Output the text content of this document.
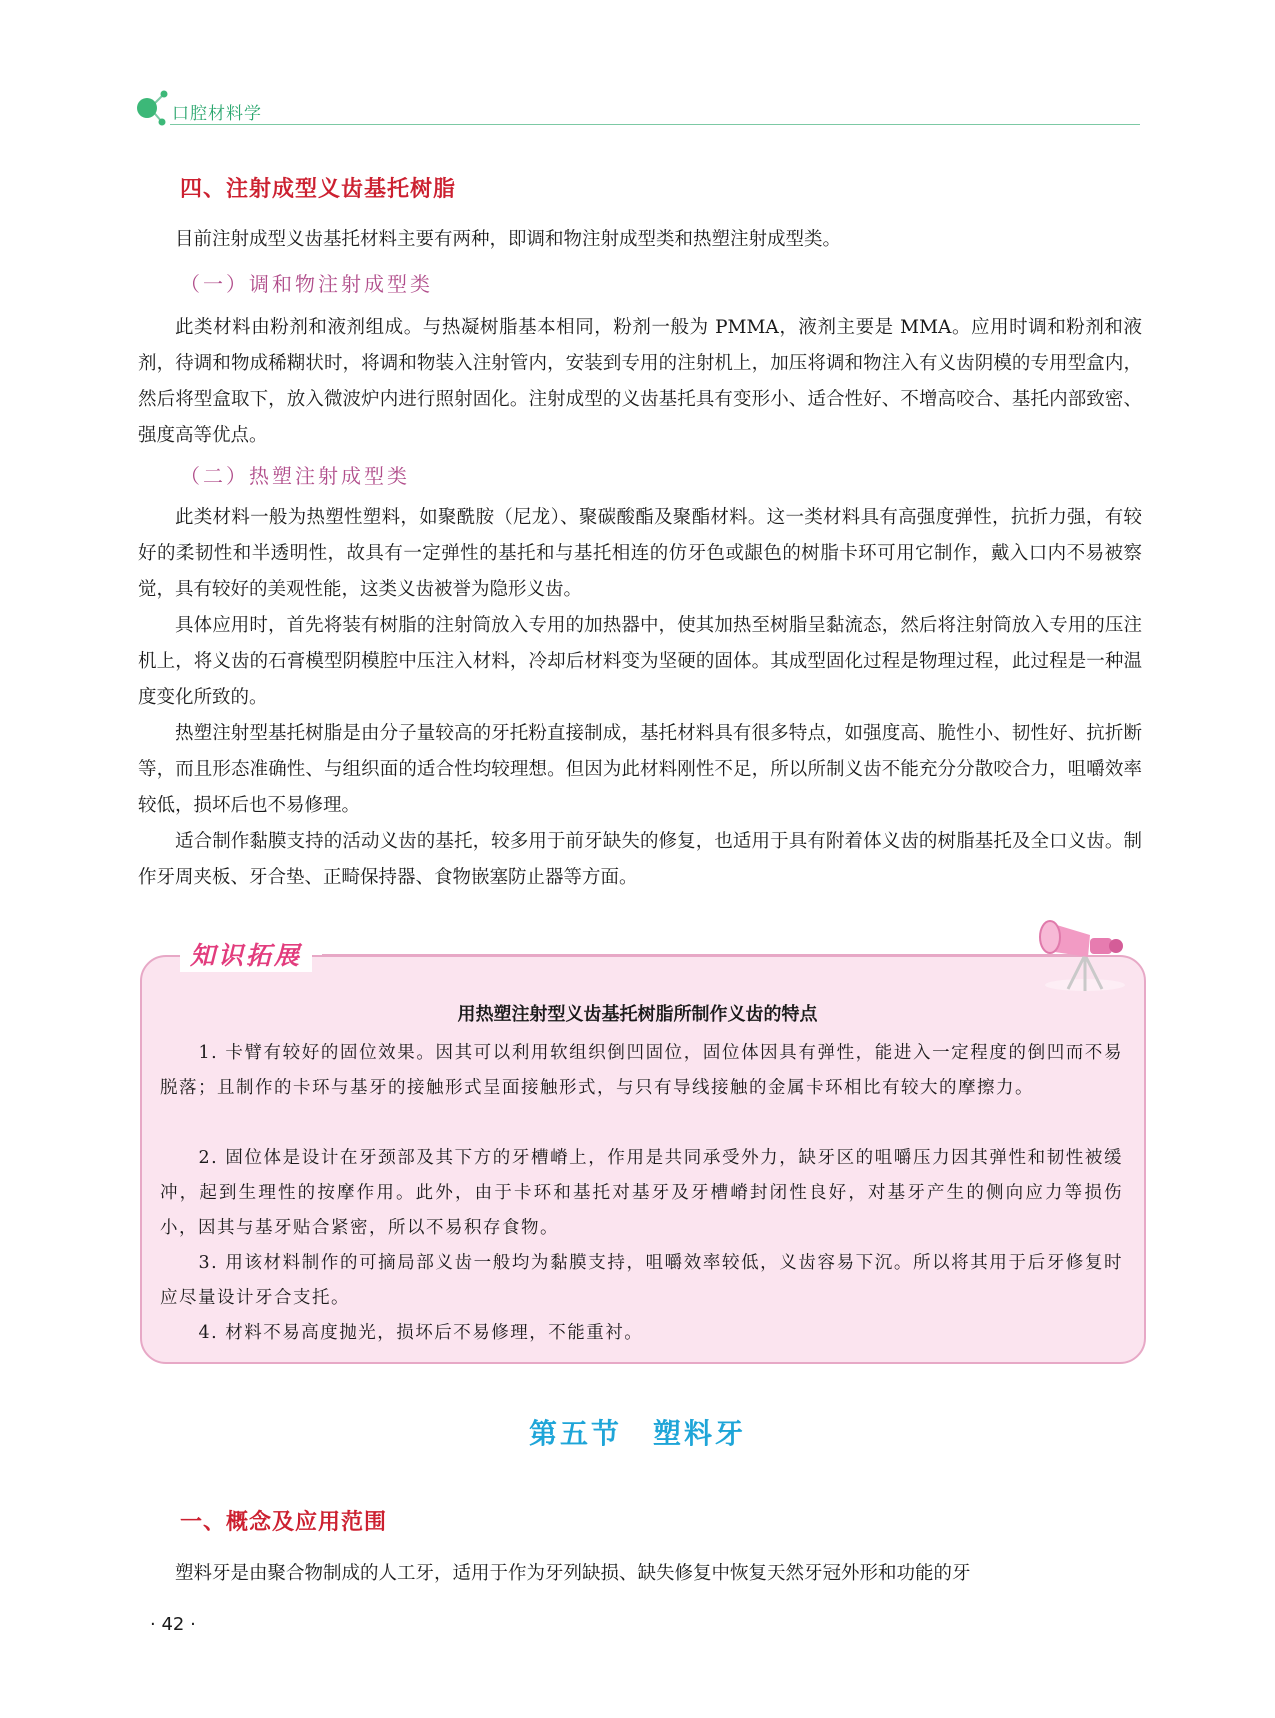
口腔材料学
四、注射成型义齿基托树脂
目前注射成型义齿基托材料主要有两种，即调和物注射成型类和热塑注射成型类。
（一）调和物注射成型类
此类材料由粉剂和液剂组成。与热凝树脂基本相同，粉剂一般为 PMMA，液剂主要是 MMA。应用时调和粉剂和液剂，待调和物成稀糊状时，将调和物装入注射管内，安装到专用的注射机上，加压将调和物注入有义齿阴模的专用型盒内，然后将型盒取下，放入微波炉内进行照射固化。注射成型的义齿基托具有变形小、适合性好、不增高咬合、基托内部致密、强度高等优点。
（二）热塑注射成型类
此类材料一般为热塑性塑料，如聚酰胺（尼龙）、聚碳酸酯及聚酯材料。这一类材料具有高强度弹性，抗折力强，有较好的柔韧性和半透明性，故具有一定弹性的基托和与基托相连的仿牙色或龈色的树脂卡环可用它制作，戴入口内不易被察觉，具有较好的美观性能，这类义齿被誉为隐形义齿。
具体应用时，首先将装有树脂的注射筒放入专用的加热器中，使其加热至树脂呈黏流态，然后将注射筒放入专用的压注机上，将义齿的石膏模型阴模腔中压注入材料，冷却后材料变为坚硬的固体。其成型固化过程是物理过程，此过程是一种温度变化所致的。
热塑注射型基托树脂是由分子量较高的牙托粉直接制成，基托材料具有很多特点，如强度高、脆性小、韧性好、抗折断等，而且形态准确性、与组织面的适合性均较理想。但因为此材料刚性不足，所以所制义齿不能充分分散咬合力，咀嚼效率较低，损坏后也不易修理。
适合制作黏膜支持的活动义齿的基托，较多用于前牙缺失的修复，也适用于具有附着体义齿的树脂基托及全口义齿。制作牙周夹板、牙合垫、正畸保持器、食物嵌塞防止器等方面。
知识拓展
用热塑注射型义齿基托树脂所制作义齿的特点
1. 卡臂有较好的固位效果。因其可以利用软组织倒凹固位，固位体因具有弹性，能进入一定程度的倒凹而不易脱落；且制作的卡环与基牙的接触形式呈面接触形式，与只有导线接触的金属卡环相比有较大的摩擦力。
2. 固位体是设计在牙颈部及其下方的牙槽嵴上，作用是共同承受外力，缺牙区的咀嚼压力因其弹性和韧性被缓冲，起到生理性的按摩作用。此外，由于卡环和基托对基牙及牙槽嵴封闭性良好，对基牙产生的侧向应力等损伤小，因其与基牙贴合紧密，所以不易积存食物。
3. 用该材料制作的可摘局部义齿一般均为黏膜支持，咀嚼效率较低，义齿容易下沉。所以将其用于后牙修复时应尽量设计牙合支托。
4. 材料不易高度抛光，损坏后不易修理，不能重衬。
第五节　塑料牙
一、概念及应用范围
塑料牙是由聚合物制成的人工牙，适用于作为牙列缺损、缺失修复中恢复天然牙冠外形和功能的牙
· 42 ·
